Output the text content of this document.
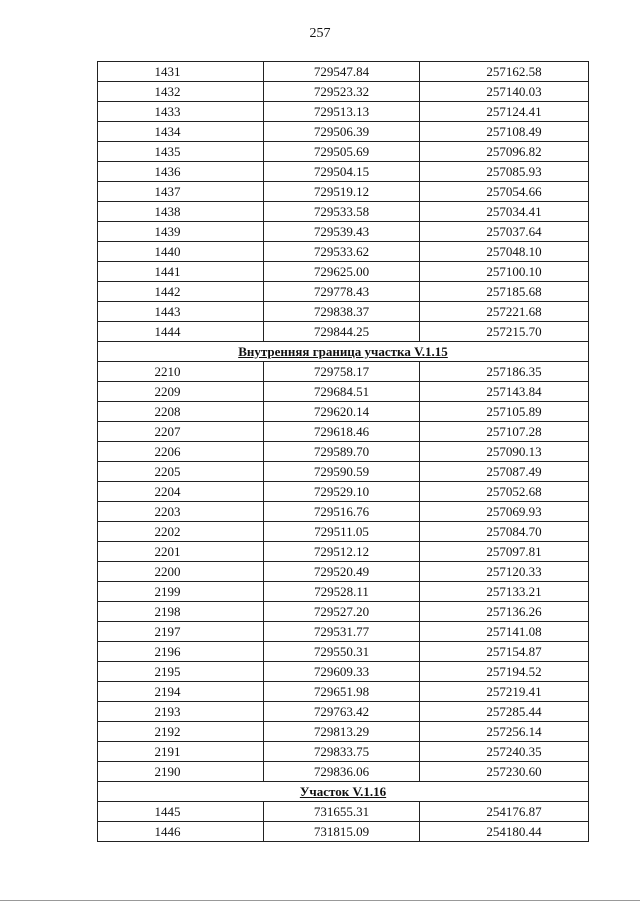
257
1431	729547.84	257162.58
1432	729523.32	257140.03
1433	729513.13	257124.41
1434	729506.39	257108.49
1435	729505.69	257096.82
1436	729504.15	257085.93
1437	729519.12	257054.66
1438	729533.58	257034.41
1439	729539.43	257037.64
1440	729533.62	257048.10
1441	729625.00	257100.10
1442	729778.43	257185.68
1443	729838.37	257221.68
1444	729844.25	257215.70
Внутренняя граница участка V.1.15		
2210	729758.17	257186.35
2209	729684.51	257143.84
2208	729620.14	257105.89
2207	729618.46	257107.28
2206	729589.70	257090.13
2205	729590.59	257087.49
2204	729529.10	257052.68
2203	729516.76	257069.93
2202	729511.05	257084.70
2201	729512.12	257097.81
2200	729520.49	257120.33
2199	729528.11	257133.21
2198	729527.20	257136.26
2197	729531.77	257141.08
2196	729550.31	257154.87
2195	729609.33	257194.52
2194	729651.98	257219.41
2193	729763.42	257285.44
2192	729813.29	257256.14
2191	729833.75	257240.35
2190	729836.06	257230.60
Участок V.1.16		
1445	731655.31	254176.87
1446	731815.09	254180.44
